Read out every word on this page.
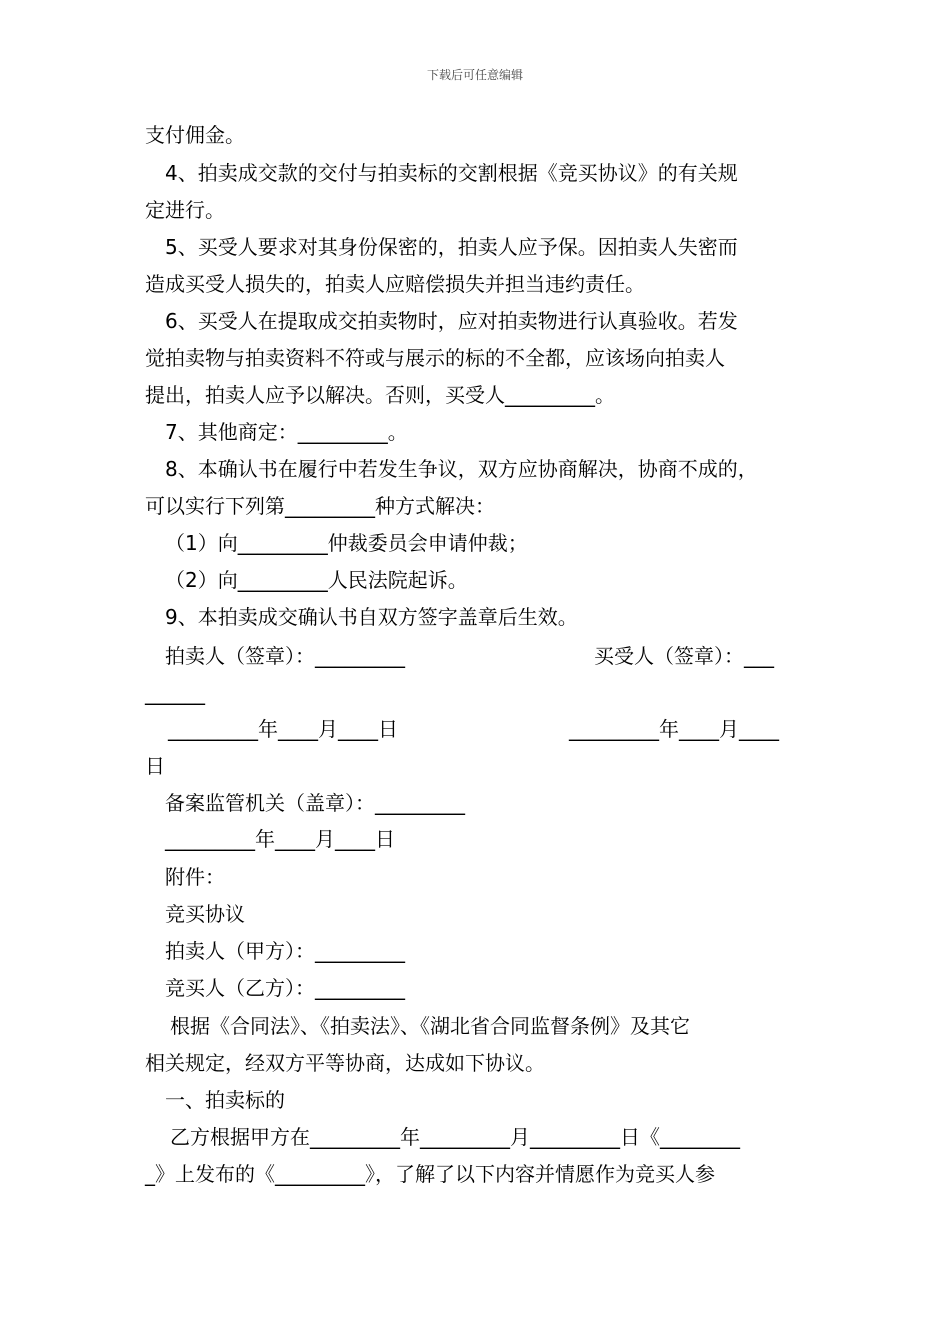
下载后可任意编辑
支付佣金。
4、拍卖成交款的交付与拍卖标的交割根据《竞买协议》的有关规
定进行。
5、买受人要求对其身份保密的，拍卖人应予保。因拍卖人失密而
造成买受人损失的，拍卖人应赔偿损失并担当违约责任。
6、买受人在提取成交拍卖物时，应对拍卖物进行认真验收。若发
觉拍卖物与拍卖资料不符或与展示的标的不全都，应该场向拍卖人
提出，拍卖人应予以解决。否则，买受人_________。
7、其他商定：_________。
8、本确认书在履行中若发生争议，双方应协商解决，协商不成的，
可以实行下列第_________种方式解决：
（1）向_________仲裁委员会申请仲裁；
（2）向_________人民法院起诉。
9、本拍卖成交确认书自双方签字盖章后生效。
拍卖人（签章）：_________	买受人（签章）：___
______
_________年____月____日	_________年____月____
日
备案监管机关（盖章）：_________
_________年____月____日
附件：
竞买协议
拍卖人（甲方）：_________
竞买人（乙方）：_________
根据《合同法》、《拍卖法》、《湖北省合同监督条例》及其它
相关规定，经双方平等协商，达成如下协议。
一、拍卖标的
乙方根据甲方在_________年_________月_________日《________
_》上发布的《_________》，了解了以下内容并情愿作为竞买人参
